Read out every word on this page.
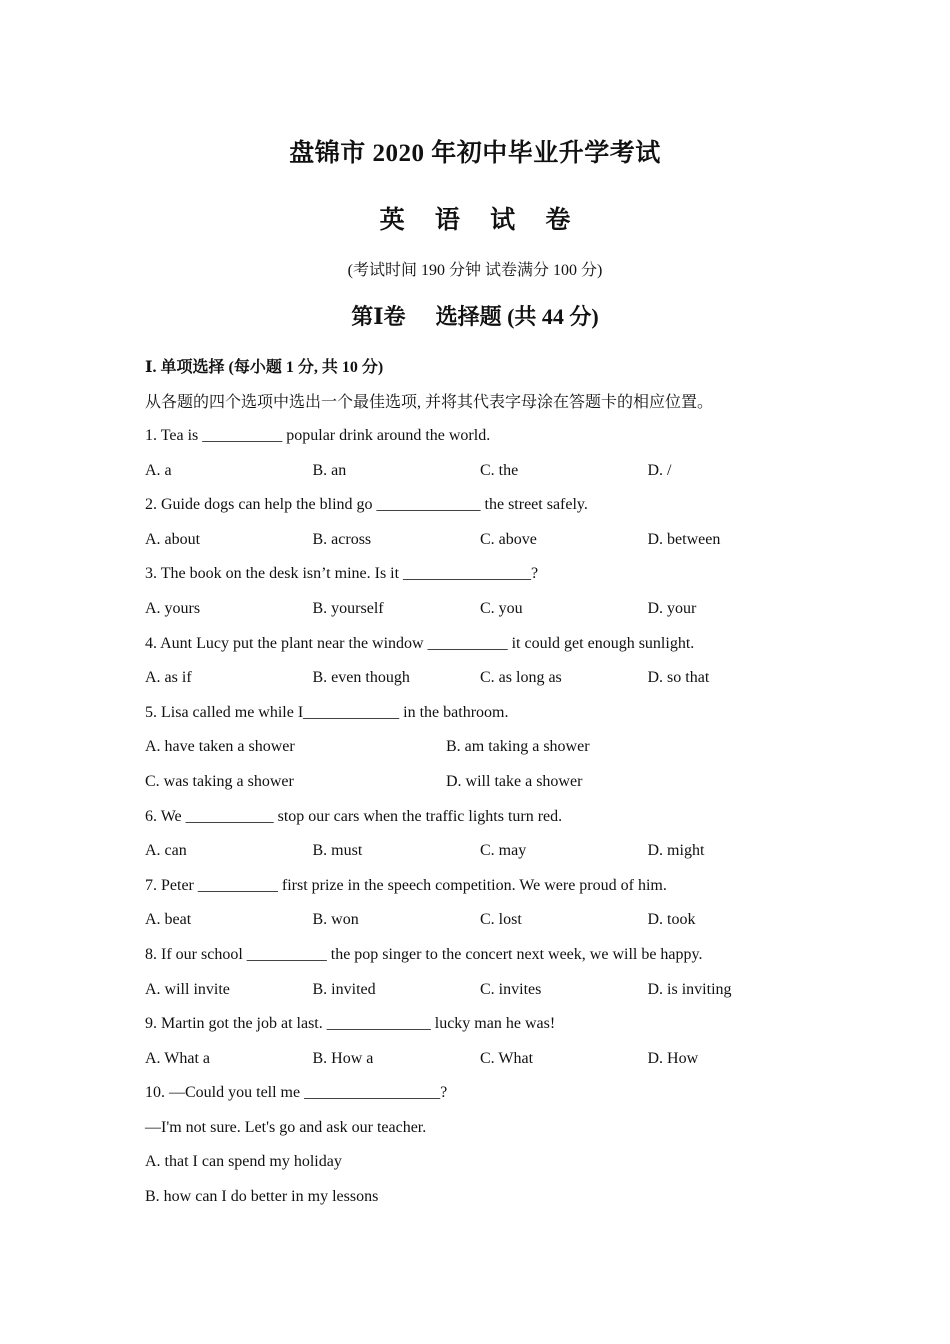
盘锦市 2020 年初中毕业升学考试
英 语 试 卷
(考试时间 190 分钟 试卷满分 100 分)
第Ⅰ卷 选择题 (共 44 分)
Ⅰ. 单项选择 (每小题 1 分, 共 10 分)
从各题的四个选项中选出一个最佳选项, 并将其代表字母涂在答题卡的相应位置。
1. Tea is __________ popular drink around the world.
A. a	B. an	C. the	D. /
2. Guide dogs can help the blind go _____________ the street safely.
A. about	B. across	C. above	D. between
3. The book on the desk isn’t mine. Is it ________________?
A. yours	B. yourself	C. you	D. your
4. Aunt Lucy put the plant near the window __________ it could get enough sunlight.
A. as if	B. even though	C. as long as	D. so that
5. Lisa called me while I____________ in the bathroom.
A. have taken a shower	B. am taking a shower
C. was taking a shower	D. will take a shower
6. We ___________ stop our cars when the traffic lights turn red.
A. can	B. must	C. may	D. might
7. Peter __________ first prize in the speech competition. We were proud of him.
A. beat	B. won	C. lost	D. took
8. If our school __________ the pop singer to the concert next week, we will be happy.
A. will invite	B. invited	C. invites	D. is inviting
9. Martin got the job at last. _____________ lucky man he was!
A. What a	B. How a	C. What	D. How
10. —Could you tell me _________________?
—I'm not sure. Let's go and ask our teacher.
A. that I can spend my holiday
B. how can I do better in my lessons
